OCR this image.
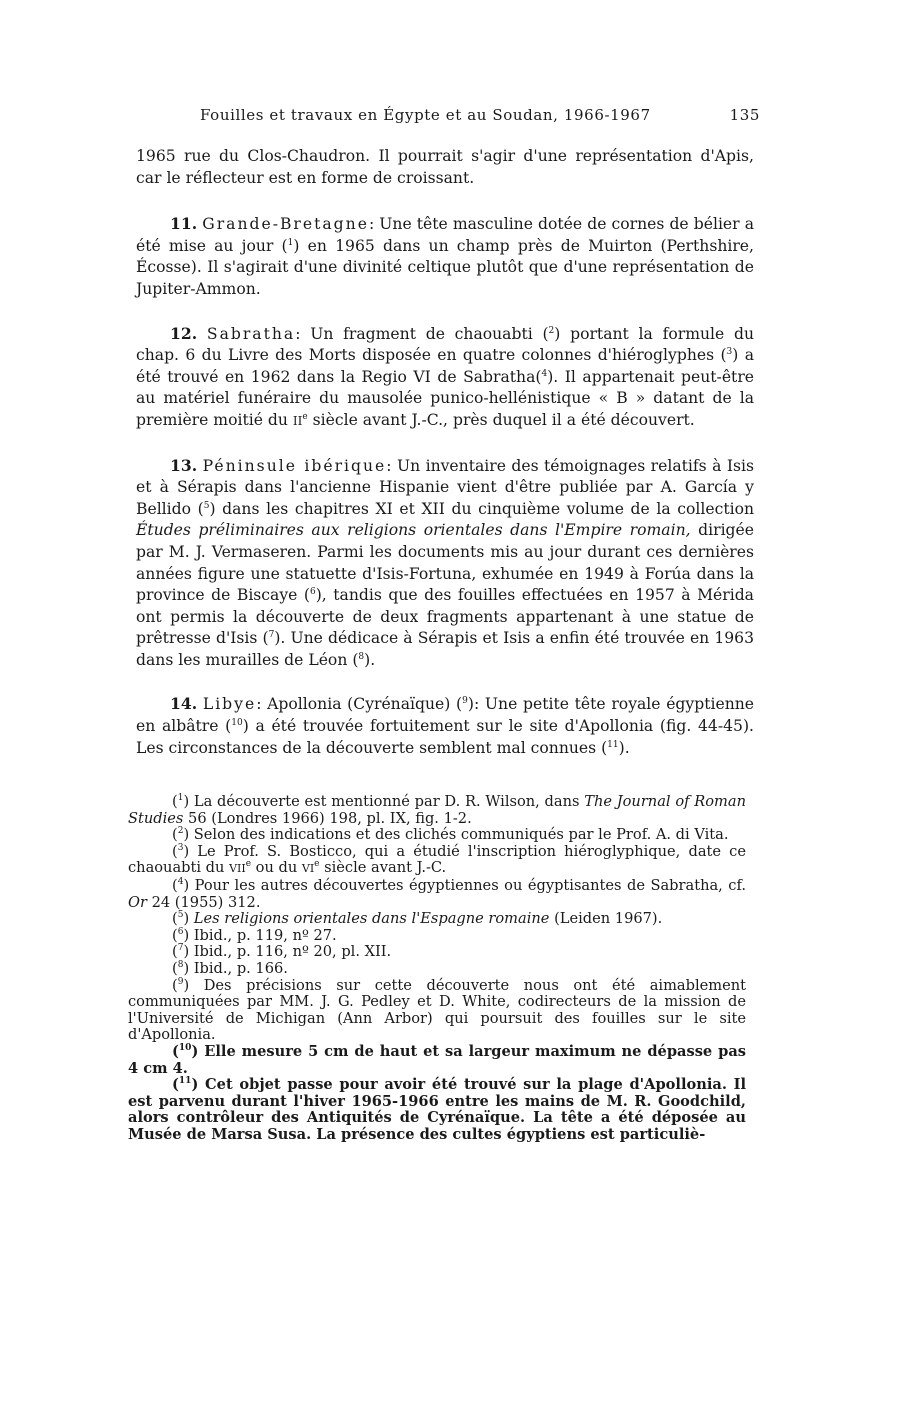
Fouilles et travaux en Égypte et au Soudan, 1966-1967	135

1965 rue du Clos-Chaudron. Il pourrait s'agir d'une représentation d'Apis, car le réflecteur est en forme de croissant.

11. Grande-Bretagne: Une tête masculine dotée de cornes de bélier a été mise au jour ($^1$) en 1965 dans un champ près de Muirton (Perthshire, Écosse). Il s'agirait d'une divinité celtique plutôt que d'une représentation de Jupiter-Ammon.

12. Sabratha: Un fragment de chaouabti ($^2$) portant la formule du chap. 6 du Livre des Morts disposée en quatre colonnes d'hiéroglyphes ($^3$) a été trouvé en 1962 dans la Regio VI de Sabratha($^4$). Il appartenait peut-être au matériel funéraire du mausolée punico-hellénistique « B » datant de la première moitié du IIe siècle avant J.-C., près duquel il a été découvert.

13. Péninsule ibérique: Un inventaire des témoignages relatifs à Isis et à Sérapis dans l'ancienne Hispanie vient d'être publiée par A. García y Bellido ($^5$) dans les chapitres XI et XII du cinquième volume de la collection Études préliminaires aux religions orientales dans l'Empire romain, dirigée par M. J. Vermaseren. Parmi les documents mis au jour durant ces dernières années figure une statuette d'Isis-Fortuna, exhumée en 1949 à Forúa dans la province de Biscaye ($^6$), tandis que des fouilles effectuées en 1957 à Mérida ont permis la découverte de deux fragments appartenant à une statue de prêtresse d'Isis ($^7$). Une dédicace à Sérapis et Isis a enfin été trouvée en 1963 dans les murailles de Léon ($^8$).

14. Libye: Apollonia (Cyrénaïque) ($^9$): Une petite tête royale égyptienne en albâtre ($^{10}$) a été trouvée fortuitement sur le site d'Apollonia (fig. 44-45). Les circonstances de la découverte semblent mal connues ($^{11}$).

($^1$) La découverte est mentionné par D. R. Wilson, dans The Journal of Roman Studies 56 (Londres 1966) 198, pl. IX, fig. 1-2.

($^2$) Selon des indications et des clichés communiqués par le Prof. A. di Vita.

($^3$) Le Prof. S. Bosticco, qui a étudié l'inscription hiéroglyphique, date ce chaouabti du VIIe ou du VIe siècle avant J.-C.

($^4$) Pour les autres découvertes égyptiennes ou égyptisantes de Sabratha, cf. Or 24 (1955) 312.

($^5$) Les religions orientales dans l'Espagne romaine (Leiden 1967).

($^6$) Ibid., p. 119, nº 27.

($^7$) Ibid., p. 116, nº 20, pl. XII.

($^8$) Ibid., p. 166.

($^9$) Des précisions sur cette découverte nous ont été aimablement communiquées par MM. J. G. Pedley et D. White, codirecteurs de la mission de l'Université de Michigan (Ann Arbor) qui poursuit des fouilles sur le site d'Apollonia.

($^{10}$) Elle mesure 5 cm de haut et sa largeur maximum ne dépasse pas 4 cm 4.

($^{11}$) Cet objet passe pour avoir été trouvé sur la plage d'Apollonia. Il est parvenu durant l'hiver 1965-1966 entre les mains de M. R. Goodchild, alors contrôleur des Antiquités de Cyrénaïque. La tête a été déposée au Musée de Marsa Susa. La présence des cultes égyptiens est particuliè-
